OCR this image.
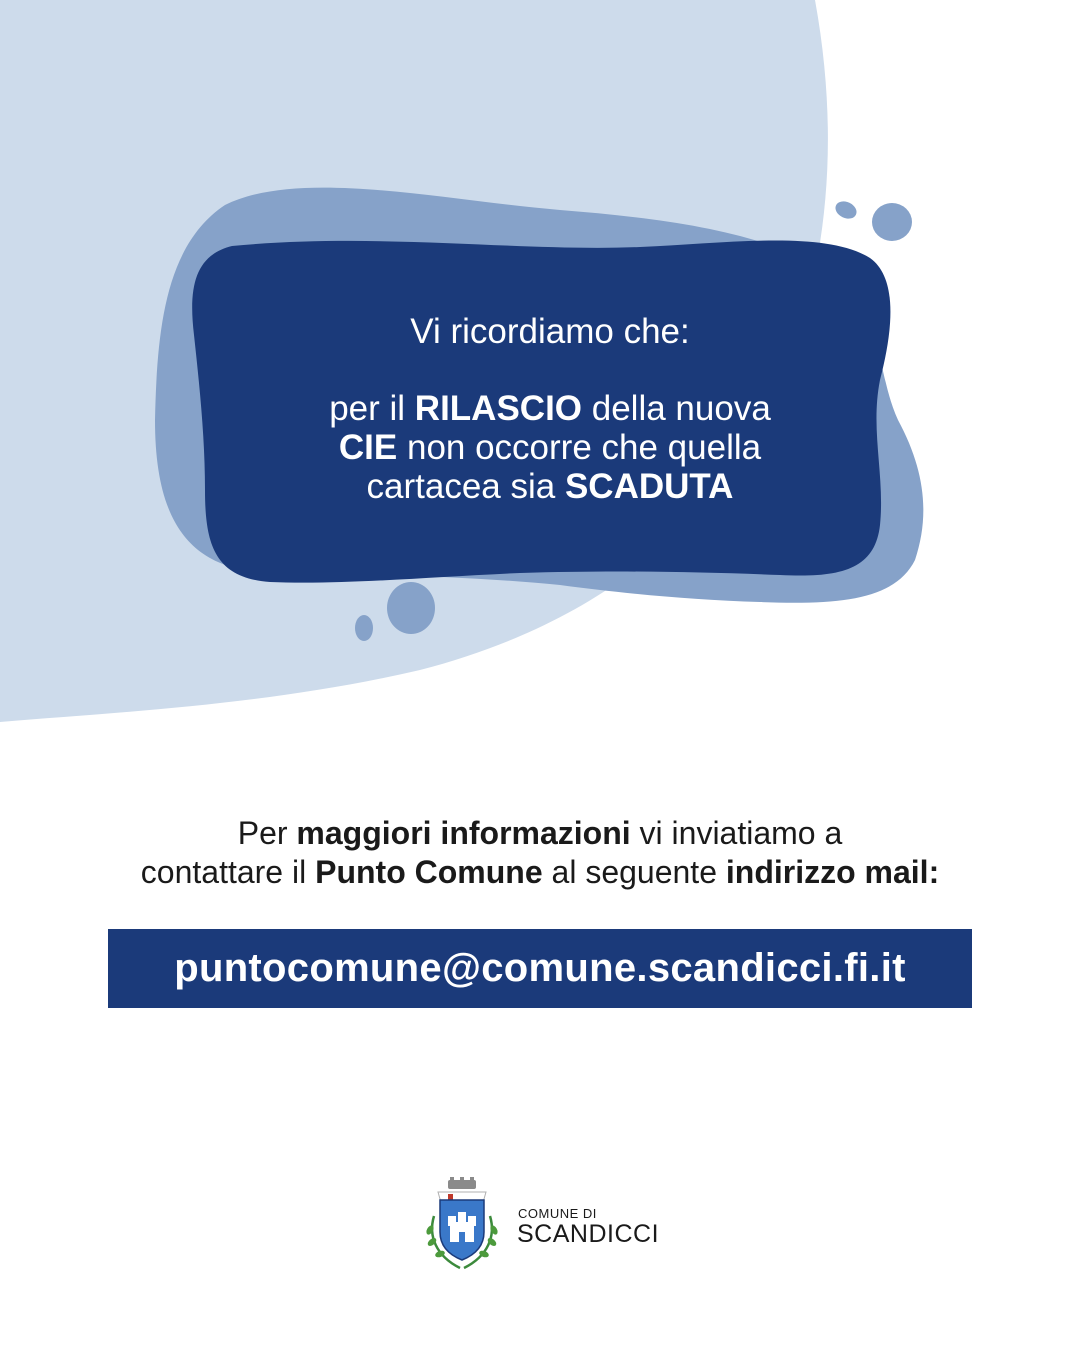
Vi ricordiamo che:

per il RILASCIO della nuova

CIE non occorre che quella

cartacea sia SCADUTA

Per maggiori informazioni vi inviatiamo a

contattare il Punto Comune al seguente indirizzo mail:

puntocomune@comune.scandicci.fi.it
COMUNE DI
SCANDICCI
